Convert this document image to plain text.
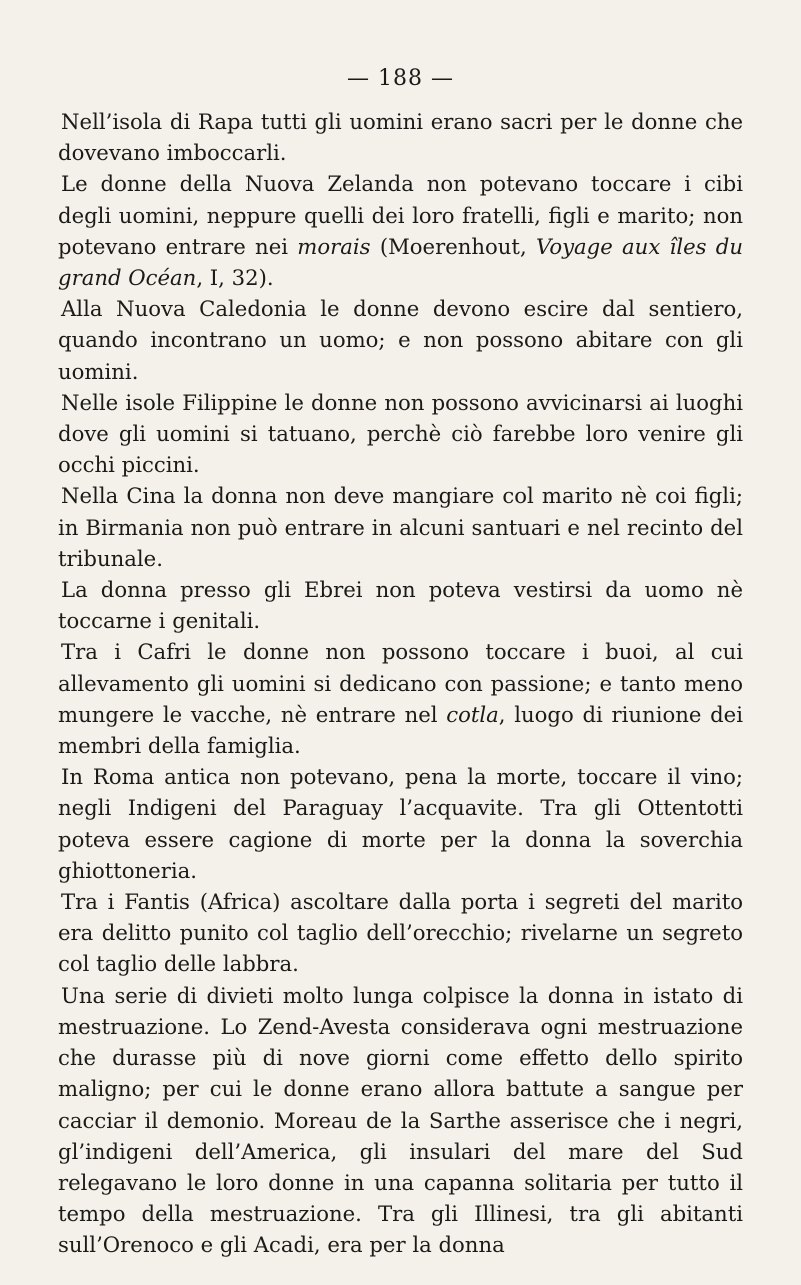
— 188 —

Nell’isola di Rapa tutti gli uomini erano sacri per le donne che dovevano imboccarli.

Le donne della Nuova Zelanda non potevano toccare i cibi degli uomini, neppure quelli dei loro fratelli, figli e marito; non potevano entrare nei morais (Moerenhout, Voyage aux îles du grand Océan, I, 32).

Alla Nuova Caledonia le donne devono escire dal sentiero, quando incontrano un uomo; e non possono abitare con gli uomini.

Nelle isole Filippine le donne non possono avvicinarsi ai luoghi dove gli uomini si tatuano, perchè ciò farebbe loro venire gli occhi piccini.

Nella Cina la donna non deve mangiare col marito nè coi figli; in Birmania non può entrare in alcuni santuari e nel recinto del tribunale.

La donna presso gli Ebrei non poteva vestirsi da uomo nè toccarne i genitali.

Tra i Cafri le donne non possono toccare i buoi, al cui allevamento gli uomini si dedicano con passione; e tanto meno mungere le vacche, nè entrare nel cotla, luogo di riunione dei membri della famiglia.

In Roma antica non potevano, pena la morte, toccare il vino; negli Indigeni del Paraguay l’acquavite. Tra gli Ottentotti poteva essere cagione di morte per la donna la soverchia ghiottoneria.

Tra i Fantis (Africa) ascoltare dalla porta i segreti del marito era delitto punito col taglio dell’orecchio; rivelarne un segreto col taglio delle labbra.

Una serie di divieti molto lunga colpisce la donna in istato di mestruazione. Lo Zend-Avesta considerava ogni mestruazione che durasse più di nove giorni come effetto dello spirito maligno; per cui le donne erano allora battute a sangue per cacciar il demonio. Moreau de la Sarthe asserisce che i negri, gl’indigeni dell’America, gli insulari del mare del Sud relegavano le loro donne in una capanna solitaria per tutto il tempo della mestruazione. Tra gli Illinesi, tra gli abitanti sull’Orenoco e gli Acadi, era per la donna
